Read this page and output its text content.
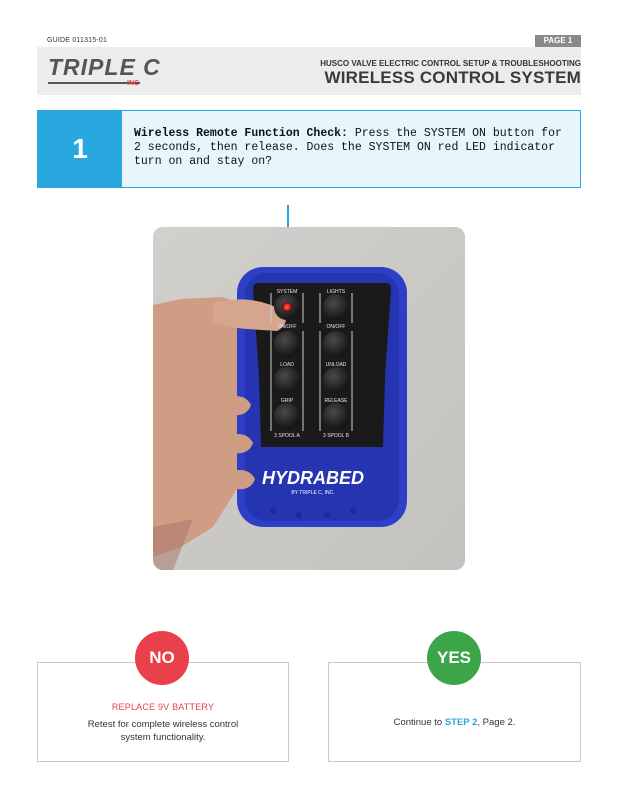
GUIDE 011315-01	PAGE 1
TRIPLE C
INC
HUSCO VALVE ELECTRIC CONTROL SETUP & TROUBLESHOOTING
WIRELESS CONTROL SYSTEM
1	Wireless Remote Function Check: Press the SYSTEM ON button for 2 seconds, then release. Does the SYSTEM ON red LED indicator turn on and stay on?
SYSTEM
ON/OFF
LIGHTS
ON/OFF
LOAD	UNLOAD
GRIP	RELEASE
3 SPOOL A	3 SPOOL B
HYDRABED
BY TRIPLE C, INC.
NO	YES
REPLACE 9V BATTERY
Retest for complete wireless control
system functionality.
Continue to STEP 2, Page 2.
